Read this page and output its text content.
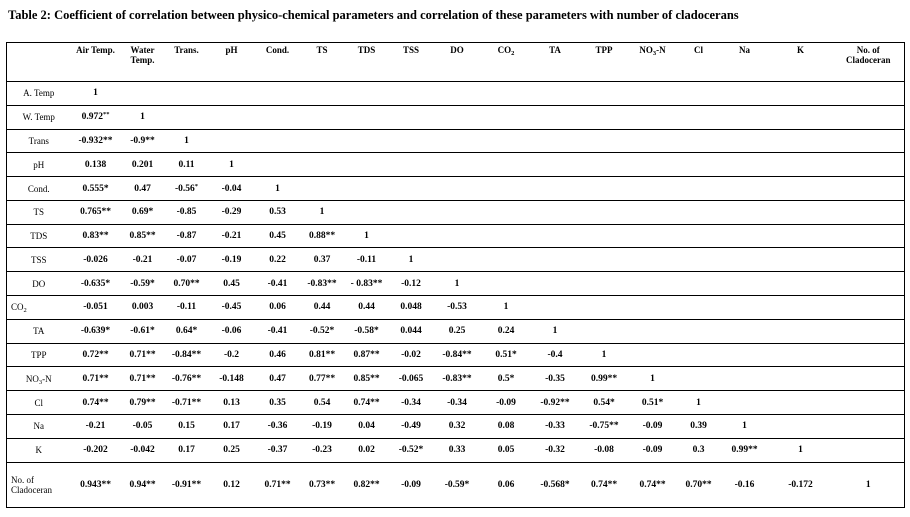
Table 2: Coefficient of correlation between physico-chemical parameters and correlation of these parameters with number of cladocerans
	Air Temp.	Water Temp.	Trans.	pH	Cond.	TS	TDS	TSS	DO	$CO_2$	TA	TPP	$NO_3-N$	Cl	Na	K	No. of Cladoceran
A. Temp	1																
W. Temp	0.972**	1															
Trans	-0.932**	-0.9**	1														
pH	0.138	0.201	0.11	1													
Cond.	0.555*	0.47	-0.56*	-0.04	1												
TS	0.765**	0.69*	-0.85	-0.29	0.53	1											
TDS	0.83**	0.85**	-0.87	-0.21	0.45	0.88**	1										
TSS	-0.026	-0.21	-0.07	-0.19	0.22	0.37	-0.11	1									
DO	-0.635*	-0.59*	0.70**	0.45	-0.41	-0.83**	- 0.83**	-0.12	1								
$CO_2$	-0.051	0.003	-0.11	-0.45	0.06	0.44	0.44	0.048	-0.53	1							
TA	-0.639*	-0.61*	0.64*	-0.06	-0.41	-0.52*	-0.58*	0.044	0.25	0.24	1						
TPP	0.72**	0.71**	-0.84**	-0.2	0.46	0.81**	0.87**	-0.02	-0.84**	0.51*	-0.4	1					
$NO_3-N$	0.71**	0.71**	-0.76**	-0.148	0.47	0.77**	0.85**	-0.065	-0.83**	0.5*	-0.35	0.99**	1				
Cl	0.74**	0.79**	-0.71**	0.13	0.35	0.54	0.74**	-0.34	-0.34	-0.09	-0.92**	0.54*	0.51*	1			
Na	-0.21	-0.05	0.15	0.17	-0.36	-0.19	0.04	-0.49	0.32	0.08	-0.33	-0.75**	-0.09	0.39	1		
K	-0.202	-0.042	0.17	0.25	-0.37	-0.23	0.02	-0.52*	0.33	0.05	-0.32	-0.08	-0.09	0.3	0.99**	1	
No. of Cladoceran	0.943**	0.94**	-0.91**	0.12	0.71**	0.73**	0.82**	-0.09	-0.59*	0.06	-0.568*	0.74**	0.74**	0.70**	-0.16	-0.172	1
